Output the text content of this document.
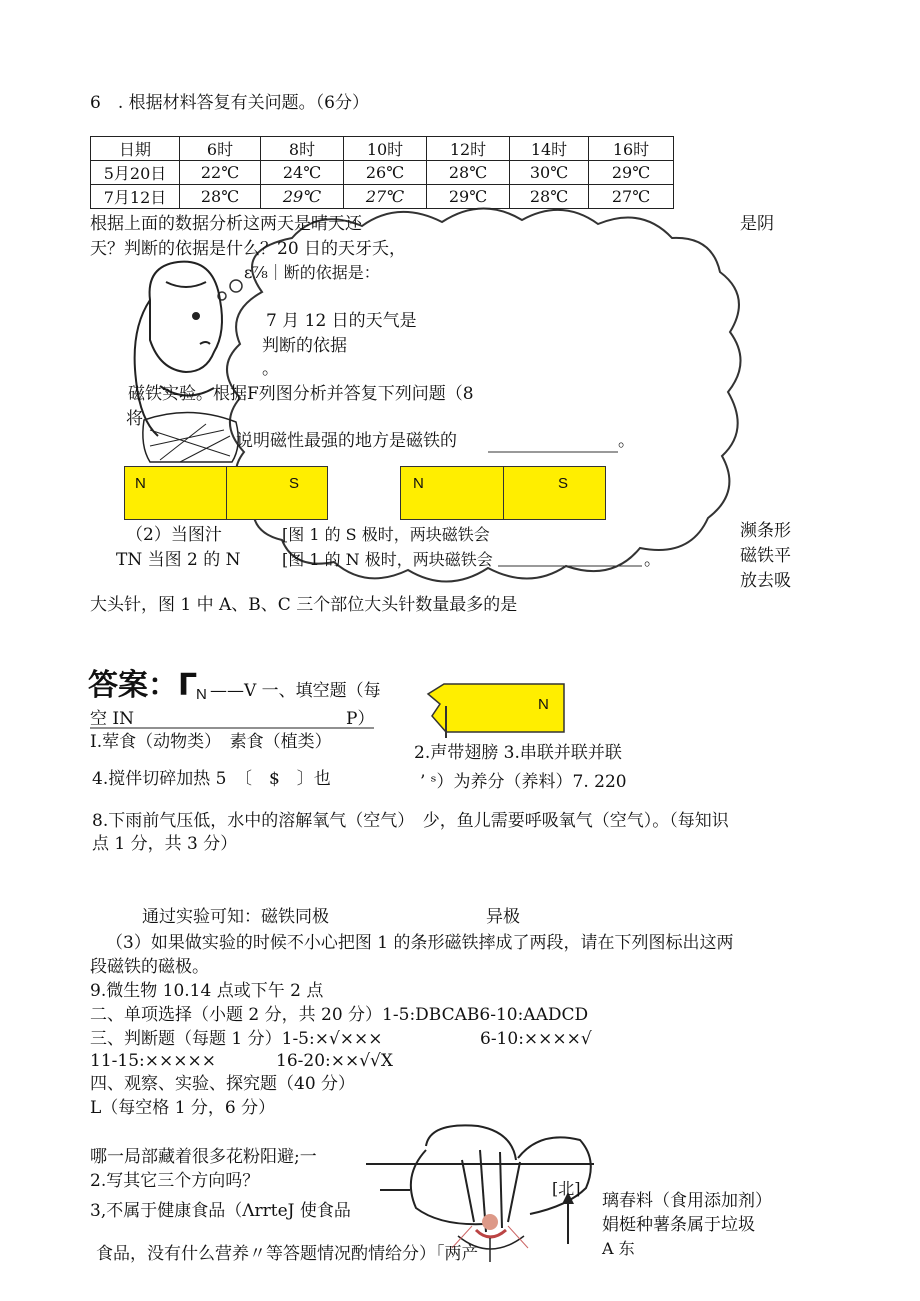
6　. 根据材料答复有关问题。（6分）
日期	6时	8时	10时	12时	14时	16时
5月20日	22℃	24℃	26℃	28℃	30℃	29℃
7月12日	28℃	29℃	27℃	29℃	28℃	27℃
根据上面的数据分析这两天是晴天还	是阴
天？判断的依据是什么？20 日的天牙夭，
ε⅞｜断的依据是：
7 月 12 日的天气是
判断的依据
。
磁铁实验。根据F列图分析并答复下列问题（8
将
说明磁性最强的地方是磁铁的	。
N	S	N	S
（2）当图汁	[图 1 的 S 极时，两块磁铁会
TN 当图 2 的 N	[图 1 的 N 极时，两块磁铁会	。
濒条形
磁铁平
放去吸
大头针，图 1 中 A、B、C 三个部位大头针数量最多的是
答案：Γ
N ——V 一、填空题（每
空 IN	P）
I.荤食（动物类）　素食（植类）
N
2.声带翅膀 3.串联并联并联
4.搅伴切碎加热 5　〔　$　〕也	’ ˢ）为养分（养料）7. 220
8.下雨前气压低，水中的溶解氧气（空气）　少，鱼儿需要呼吸氧气（空气）。（每知识
点 1 分，共 3 分）
通过实验可知：磁铁同极	异极
（3）如果做实验的时候不小心把图 1 的条形磁铁摔成了两段，请在下列图标出这两
段磁铁的磁极。
9.微生物 10.14 点或下午 2 点
二、单项选择（小题 2 分，共 20 分）1-5:DBCAB6-10:AADCD
三、判断题（每题 1 分）1-5:×√×××	6-10:××××√
11-15:×××××	16-20:××√√X
四、观察、实验、探究题（40 分）
L（每空格 1 分，6 分）
哪一局部藏着很多花粉阳避;一
2.写其它三个方向吗？
3,不属于健康食品（ΛrrteJ 使食品
食品，没有什么营养〃等答题情况酌情给分）「两产
[北]
A 东
璃春料（食用添加剂）
娟梃种薯条属于垃圾
